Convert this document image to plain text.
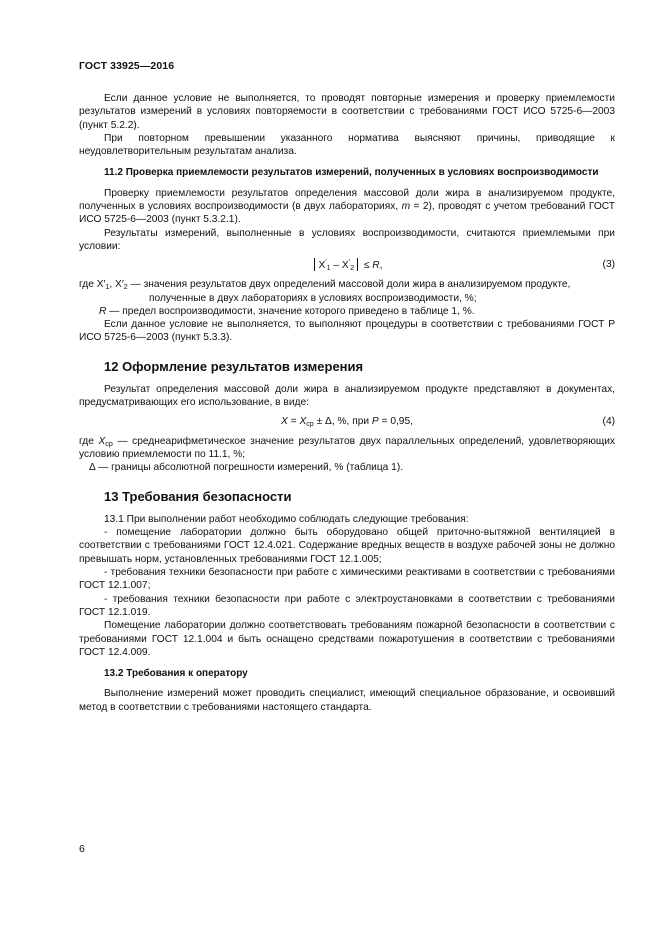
ГОСТ 33925—2016

Если данное условие не выполняется, то проводят повторные измерения и проверку приемлемости результатов измерений в условиях повторяемости в соответствии с требованиями ГОСТ ИСО 5725-6—2003 (пункт 5.2.2).

При повторном превышении указанного норматива выясняют причины, приводящие к неудовлетворительным результатам анализа.

11.2 Проверка приемлемости результатов измерений, полученных в условиях воспроизводимости

Проверку приемлемости результатов определения массовой доли жира в анализируемом продукте, полученных в условиях воспроизводимости (в двух лабораториях, m = 2), проводят с учетом требований ГОСТ ИСО 5725-6—2003 (пункт 5.3.2.1).

Результаты измерений, выполненные в условиях воспроизводимости, считаются приемлемыми при условии:

$X'_1 - X'_2 \le R$,	(3)

где $X'_1$, $X'_2$ — значения результатов двух определений массовой доли жира в анализируемом продукте,

полученные в двух лабораториях в условиях воспроизводимости, %;

R — предел воспроизводимости, значение которого приведено в таблице 1, %.

Если данное условие не выполняется, то выполняют процедуры в соответствии с требованиями ГОСТ Р ИСО 5725-6—2003 (пункт 5.3.3).

12 Оформление результатов измерения

Результат определения массовой доли жира в анализируемом продукте представляют в документах, предусматривающих его использование, в виде:

$X = X_{ср} \pm \Delta$, %, при P = 0,95,	(4)

где $X_{ср}$ — среднеарифметическое значение результатов двух параллельных определений, удовлетворяющих условию приемлемости по 11.1, %;

Δ — границы абсолютной погрешности измерений, % (таблица 1).

13 Требования безопасности

13.1 При выполнении работ необходимо соблюдать следующие требования:

- помещение лаборатории должно быть оборудовано общей приточно-вытяжной вентиляцией в соответствии с требованиями ГОСТ 12.4.021. Содержание вредных веществ в воздухе рабочей зоны не должно превышать норм, установленных требованиями ГОСТ 12.1.005;

- требования техники безопасности при работе с химическими реактивами в соответствии с требованиями ГОСТ 12.1.007;

- требования техники безопасности при работе с электроустановками в соответствии с требованиями ГОСТ 12.1.019.

Помещение лаборатории должно соответствовать требованиям пожарной безопасности в соответствии с требованиями ГОСТ 12.1.004 и быть оснащено средствами пожаротушения в соответствии с требованиями ГОСТ 12.4.009.

13.2 Требования к оператору

Выполнение измерений может проводить специалист, имеющий специальное образование, и освоивший метод в соответствии с требованиями настоящего стандарта.

6
